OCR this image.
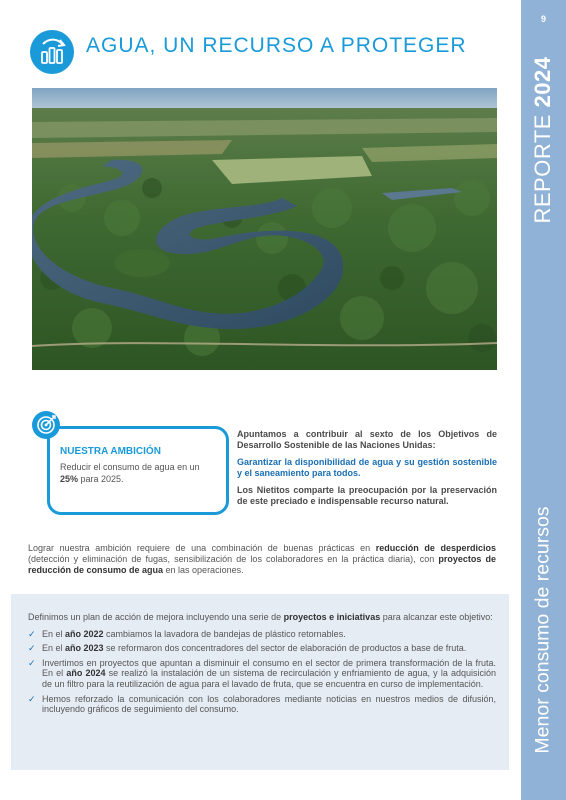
9
REPORTE 2024
Menor consumo de recursos
AGUA, UN RECURSO A PROTEGER
NUESTRA AMBICIÓN
Reducir el consumo de agua en un 25% para 2025.

Apuntamos a contribuir al sexto de los Objetivos de Desarrollo Sostenible de las Naciones Unidas:

Garantizar la disponibilidad de agua y su gestión sostenible y el saneamiento para todos.

Los Nietitos comparte la preocupación por la preservación de este preciado e indispensable recurso natural.

Lograr nuestra ambición requiere de una combinación de buenas prácticas en reducción de desperdicios (detección y eliminación de fugas, sensibilización de los colaboradores en la práctica diaria), con proyectos de reducción de consumo de agua en las operaciones.

Definimos un plan de acción de mejora incluyendo una serie de proyectos e iniciativas para alcanzar este objetivo:

✓ En el año 2022 cambiamos la lavadora de bandejas de plástico retornables.
✓ En el año 2023 se reformaron dos concentradores del sector de elaboración de productos a base de fruta.
✓ Invertimos en proyectos que apuntan a disminuir el consumo en el sector de primera transformación de la fruta. En el año 2024 se realizó la instalación de un sistema de recirculación y enfriamiento de agua, y la adquisición de un filtro para la reutilización de agua para el lavado de fruta, que se encuentra en curso de implementación.
✓ Hemos reforzado la comunicación con los colaboradores mediante noticias en nuestros medios de difusión, incluyendo gráficos de seguimiento del consumo.
